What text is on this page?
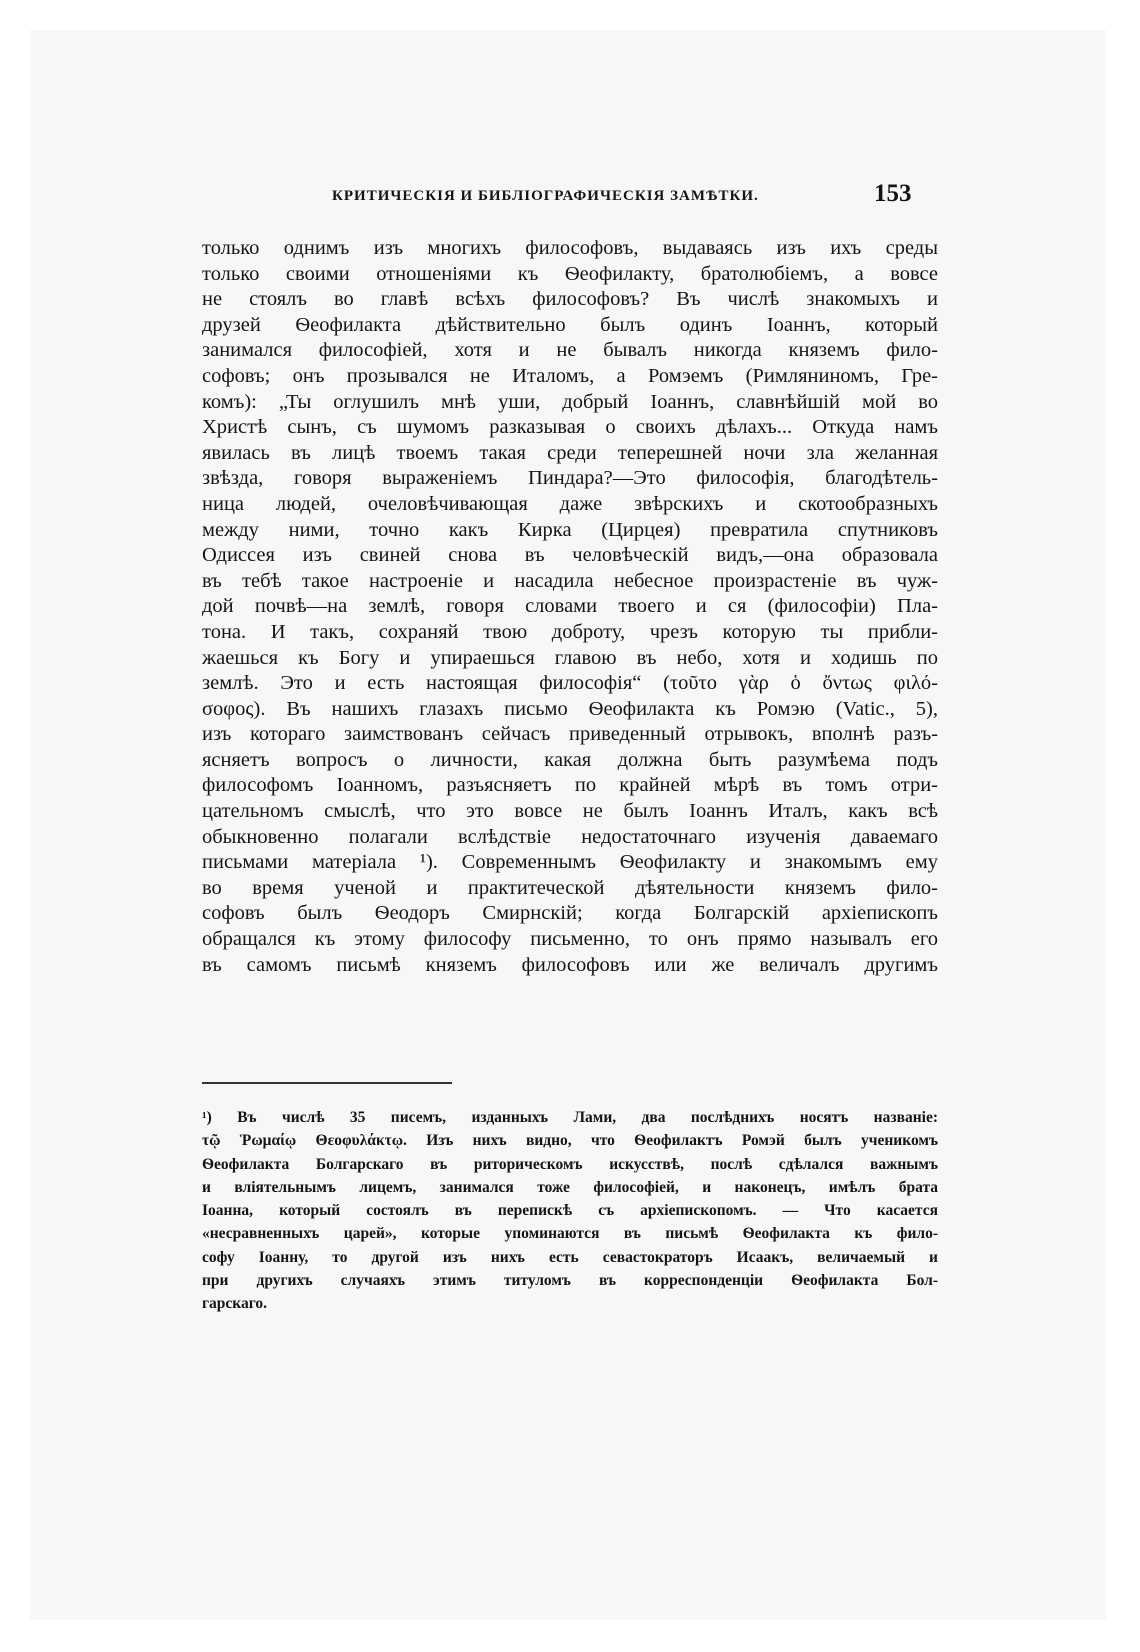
КРИТИЧЕСКІЯ И БИБЛІОГРАФИЧЕСКІЯ ЗАМѢТКИ.	153
только однимъ изъ многихъ философовъ, выдаваясь изъ ихъ среды
только своими отношеніями къ Ѳеофилакту, братолюбіемъ, а вовсе
не стоялъ во главѣ всѣхъ философовъ? Въ числѣ знакомыхъ и
друзей Ѳеофилакта дѣйствительно былъ одинъ Іоаннъ, который
занимался философіей, хотя и не бывалъ никогда княземъ фило-
софовъ; онъ прозывался не Италомъ, а Ромэемъ (Римляниномъ, Гре-
комъ): „Ты оглушилъ мнѣ уши, добрый Іоаннъ, славнѣйшій мой во
Христѣ сынъ, съ шумомъ разказывая о своихъ дѣлахъ... Откуда намъ
явилась въ лицѣ твоемъ такая среди теперешней ночи зла желанная
звѣзда, говоря выраженіемъ Пиндара?—Это философія, благодѣтель-
ница людей, очеловѣчивающая даже звѣрскихъ и скотообразныхъ
между ними, точно какъ Кирка (Цирцея) превратила спутниковъ
Одиссея изъ свиней снова въ человѣческій видъ,—она образовала
въ тебѣ такое настроеніе и насадила небесное произрастеніе въ чуж-
дой почвѣ—на землѣ, говоря словами твоего и ся (философіи) Пла-
тона. И такъ, сохраняй твою доброту, чрезъ которую ты прибли-
жаешься къ Богу и упираешься главою въ небо, хотя и ходишь по
землѣ. Это и есть настоящая философія“ (τοῦτο γὰρ ὁ ὄντως φιλό-
σοφος). Въ нашихъ глазахъ письмо Ѳеофилакта къ Ромэю (Vatic., 5),
изъ котораго заимствованъ сейчасъ приведенный отрывокъ, вполнѣ разъ-
ясняетъ вопросъ о личности, какая должна быть разумѣема подъ
философомъ Іоанномъ, разъясняетъ по крайней мѣрѣ въ томъ отри-
цательномъ смыслѣ, что это вовсе не былъ Іоаннъ Италъ, какъ всѣ
обыкновенно полагали вслѣдствіе недостаточнаго изученія даваемаго
письмами матеріала ¹). Современнымъ Ѳеофилакту и знакомымъ ему
во время ученой и практитеческой дѣятельности княземъ фило-
софовъ былъ Ѳеодоръ Смирнскій; когда Болгарскій архіепископъ
обращался къ этому философу письменно, то онъ прямо называлъ его
въ самомъ письмѣ княземъ философовъ или же величалъ другимъ
¹) Въ числѣ 35 писемъ, изданныхъ Лами, два послѣднихъ носятъ названіе:
τῷ Ῥωμαίῳ Θεοφυλάκτῳ. Изъ нихъ видно, что Ѳеофилактъ Ромэй былъ ученикомъ
Ѳеофилакта Болгарскаго въ риторическомъ искусствѣ, послѣ сдѣлался важнымъ
и вліятельнымъ лицемъ, занимался тоже философіей, и наконецъ, имѣлъ брата
Іоанна, который состоялъ въ перепискѣ съ архіепископомъ. — Что касается
«несравненныхъ царей», которые упоминаются въ письмѣ Ѳеофилакта къ фило-
софу Іоанну, то другой изъ нихъ есть севастократоръ Исаакъ, величаемый и
при другихъ случаяхъ этимъ титуломъ въ корреспонденціи Ѳеофилакта Бол-
гарскаго.
